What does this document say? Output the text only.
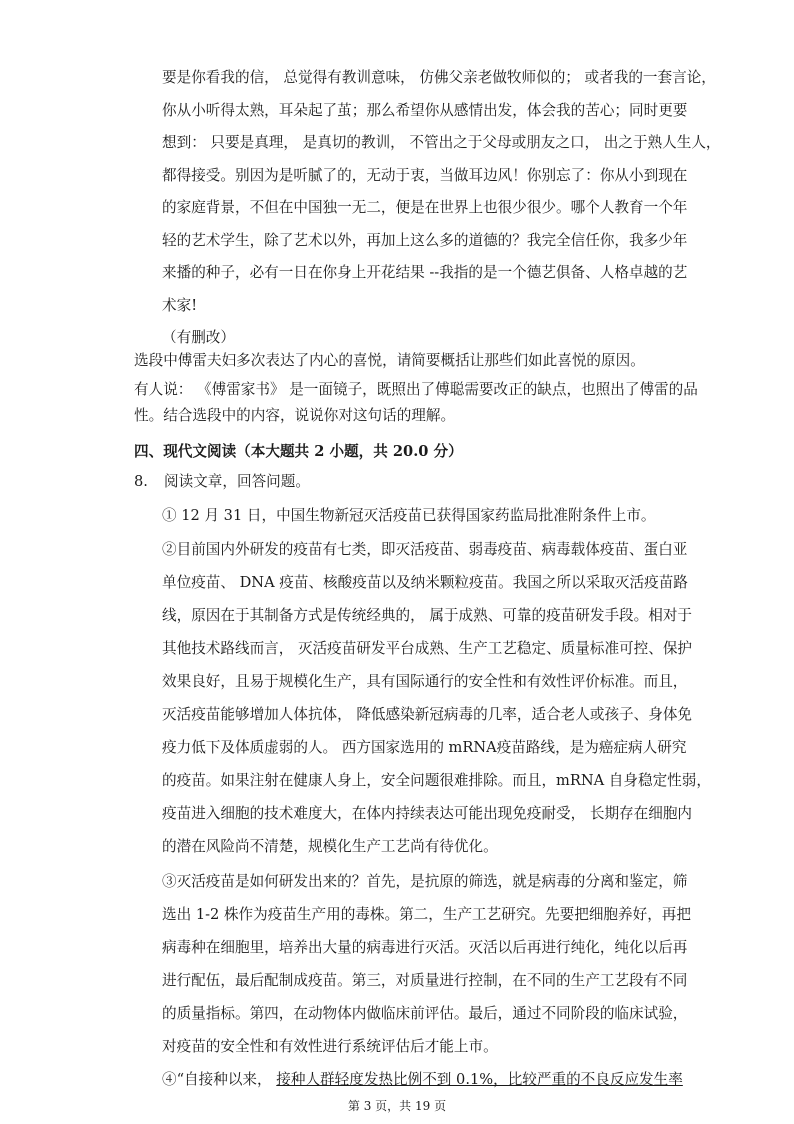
要是你看我的信， 总觉得有教训意味， 仿佛父亲老做牧师似的； 或者我的一套言论，
你从小听得太熟，耳朵起了茧；那么希望你从感情出发，体会我的苦心；同时更要
想到： 只要是真理， 是真切的教训， 不管出之于父母或朋友之口， 出之于熟人生人，
都得接受。别因为是听腻了的，无动于衷，当做耳边风！你别忘了：你从小到现在
的家庭背景，不但在中国独一无二，便是在世界上也很少很少。哪个人教育一个年
轻的艺术学生，除了艺术以外，再加上这么多的道德的？我完全信任你，我多少年
来播的种子，必有一日在你身上开花结果 --我指的是一个德艺俱备、人格卓越的艺
术家!
（有删改）
选段中傅雷夫妇多次表达了内心的喜悦，请简要概括让那些们如此喜悦的原因。
有人说： 《傅雷家书》 是一面镜子，既照出了傅聪需要改正的缺点，也照出了傅雷的品
性。结合选段中的内容，说说你对这句话的理解。
四、现代文阅读（本大题共 2 小题，共 20.0 分）
8. 阅读文章，回答问题。
① 12 月 31 日，中国生物新冠灭活疫苗已获得国家药监局批准附条件上市。
②目前国内外研发的疫苗有七类，即灭活疫苗、弱毒疫苗、病毒载体疫苗、蛋白亚
单位疫苗、 DNA 疫苗、核酸疫苗以及纳米颗粒疫苗。我国之所以采取灭活疫苗路
线，原因在于其制备方式是传统经典的， 属于成熟、可靠的疫苗研发手段。相对于
其他技术路线而言， 灭活疫苗研发平台成熟、生产工艺稳定、质量标准可控、保护
效果良好，且易于规模化生产，具有国际通行的安全性和有效性评价标准。而且，
灭活疫苗能够增加人体抗体， 降低感染新冠病毒的几率，适合老人或孩子、身体免
疫力低下及体质虚弱的人。 西方国家选用的 mRNA疫苗路线，是为癌症病人研究
的疫苗。如果注射在健康人身上，安全问题很难排除。而且，mRNA 自身稳定性弱，
疫苗进入细胞的技术难度大，在体内持续表达可能出现免疫耐受， 长期存在细胞内
的潜在风险尚不清楚，规模化生产工艺尚有待优化。
③灭活疫苗是如何研发出来的？首先，是抗原的筛选，就是病毒的分离和鉴定，筛
选出 1-2 株作为疫苗生产用的毒株。第二，生产工艺研究。先要把细胞养好，再把
病毒种在细胞里，培养出大量的病毒进行灭活。灭活以后再进行纯化，纯化以后再
进行配伍，最后配制成疫苗。第三，对质量进行控制，在不同的生产工艺段有不同
的质量指标。第四，在动物体内做临床前评估。最后，通过不同阶段的临床试验，
对疫苗的安全性和有效性进行系统评估后才能上市。
④“自接种以来， 接种人群轻度发热比例不到 0.1%，比较严重的不良反应发生率
第 3 页，共 19 页
